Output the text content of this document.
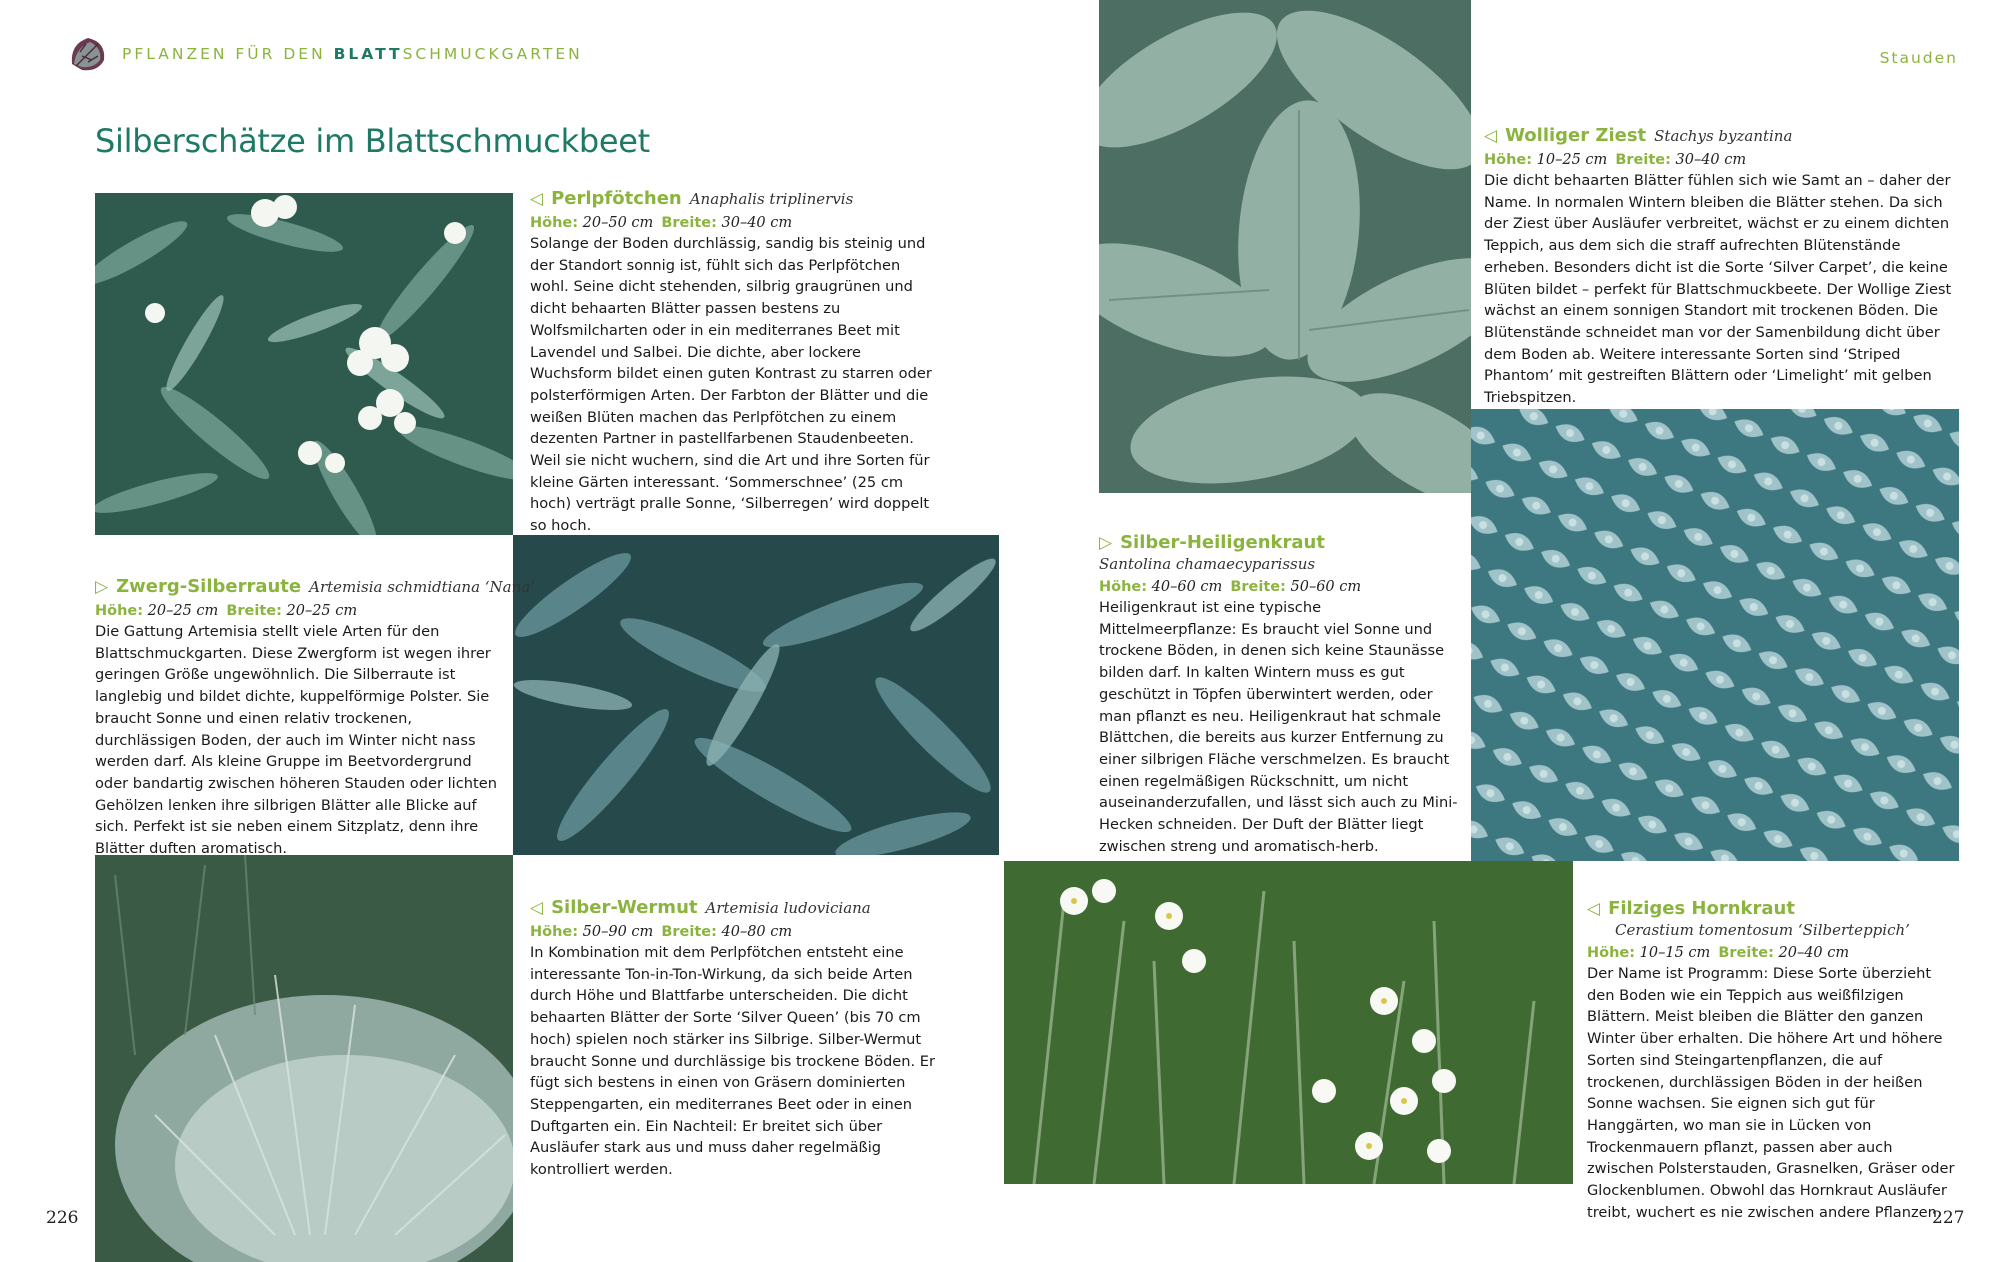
PFLANZEN FÜR DEN BLATTSCHMUCKGARTEN	Stauden
Silberschätze im Blattschmuckbeet
◁ Perlpfötchen Anaphalis triplinervis
Höhe: 20–50 cm Breite: 30–40 cm
Solange der Boden durchlässig, sandig bis steinig und der Standort sonnig ist, fühlt sich das Perlpfötchen wohl. Seine dicht stehenden, silbrig graugrünen und dicht behaarten Blätter passen bestens zu Wolfsmilcharten oder in ein mediterranes Beet mit Lavendel und Salbei. Die dichte, aber lockere Wuchsform bildet einen guten Kontrast zu starren oder polsterförmigen Arten. Der Farbton der Blätter und die weißen Blüten machen das Perlpfötchen zu einem dezenten Partner in pastellfarbenen Staudenbeeten. Weil sie nicht wuchern, sind die Art und ihre Sorten für kleine Gärten interessant. ‘Sommerschnee’ (25 cm hoch) verträgt pralle Sonne, ‘Silberregen’ wird doppelt so hoch.
▷ Zwerg-Silberraute Artemisia schmidtiana ‘Nana’
Höhe: 20–25 cm Breite: 20–25 cm
Die Gattung Artemisia stellt viele Arten für den Blattschmuckgarten. Diese Zwergform ist wegen ihrer geringen Größe ungewöhnlich. Die Silberraute ist langlebig und bildet dichte, kuppelförmige Polster. Sie braucht Sonne und einen relativ trockenen, durchlässigen Boden, der auch im Winter nicht nass werden darf. Als kleine Gruppe im Beetvordergrund oder bandartig zwischen höheren Stauden oder lichten Gehölzen lenken ihre silbrigen Blätter alle Blicke auf sich. Perfekt ist sie neben einem Sitzplatz, denn ihre Blätter duften aromatisch.
◁ Silber-Wermut Artemisia ludoviciana
Höhe: 50–90 cm Breite: 40–80 cm
In Kombination mit dem Perlpfötchen entsteht eine interessante Ton-in-Ton-Wirkung, da sich beide Arten durch Höhe und Blattfarbe unterscheiden. Die dicht behaarten Blätter der Sorte ‘Silver Queen’ (bis 70 cm hoch) spielen noch stärker ins Silbrige. Silber-Wermut braucht Sonne und durchlässige bis trockene Böden. Er fügt sich bestens in einen von Gräsern dominierten Steppengarten, ein mediterranes Beet oder in einen Duftgarten ein. Ein Nachteil: Er breitet sich über Ausläufer stark aus und muss daher regelmäßig kontrolliert werden.
◁ Wolliger Ziest Stachys byzantina
Höhe: 10–25 cm Breite: 30–40 cm
Die dicht behaarten Blätter fühlen sich wie Samt an – daher der Name. In normalen Wintern bleiben die Blätter stehen. Da sich der Ziest über Ausläufer verbreitet, wächst er zu einem dichten Teppich, aus dem sich die straff aufrechten Blütenstände erheben. Besonders dicht ist die Sorte ‘Silver Carpet’, die keine Blüten bildet – perfekt für Blattschmuckbeete. Der Wollige Ziest wächst an einem sonnigen Standort mit trockenen Böden. Die Blütenstände schneidet man vor der Samenbildung dicht über dem Boden ab. Weitere interessante Sorten sind ‘Striped Phantom’ mit gestreiften Blättern oder ‘Limelight’ mit gelben Triebspitzen.
▷ Silber-Heiligenkraut
Santolina chamaecyparissus
Höhe: 40–60 cm Breite: 50–60 cm
Heiligenkraut ist eine typische Mittelmeerpflanze: Es braucht viel Sonne und trockene Böden, in denen sich keine Staunässe bilden darf. In kalten Wintern muss es gut geschützt in Töpfen überwintert werden, oder man pflanzt es neu. Heiligenkraut hat schmale Blättchen, die bereits aus kurzer Entfernung zu einer silbrigen Fläche verschmelzen. Es braucht einen regelmäßigen Rückschnitt, um nicht auseinanderzufallen, und lässt sich auch zu Mini-Hecken schneiden. Der Duft der Blätter liegt zwischen streng und aromatisch-herb.
◁ Filziges Hornkraut
Cerastium tomentosum ‘Silberteppich’
Höhe: 10–15 cm Breite: 20–40 cm
Der Name ist Programm: Diese Sorte überzieht den Boden wie ein Teppich aus weißfilzigen Blättern. Meist bleiben die Blätter den ganzen Winter über erhalten. Die höhere Art und höhere Sorten sind Steingartenpflanzen, die auf trockenen, durchlässigen Böden in der heißen Sonne wachsen. Sie eignen sich gut für Hanggärten, wo man sie in Lücken von Trockenmauern pflanzt, passen aber auch zwischen Polsterstauden, Grasnelken, Gräser oder Glockenblumen. Obwohl das Hornkraut Ausläufer treibt, wuchert es nie zwischen andere Pflanzen.
226	227
